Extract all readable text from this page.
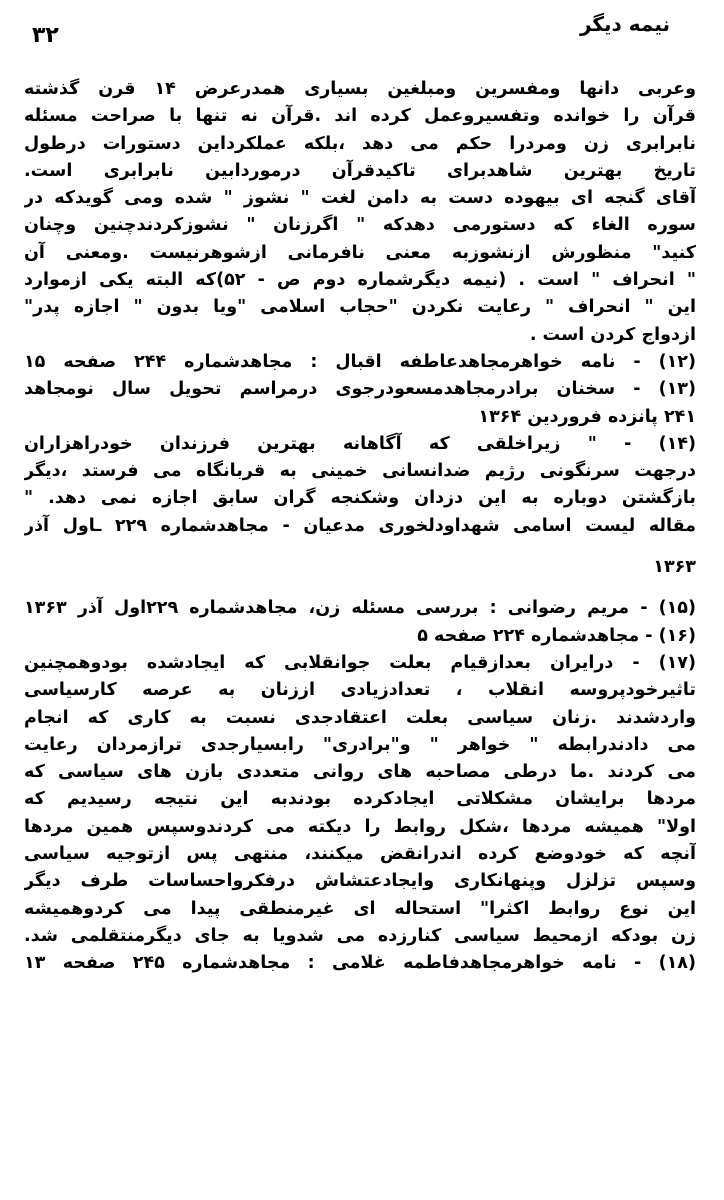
نیمه دیگر
۳۲
وعربی دانها ومفسرین ومبلغین بسیاری همدرعرض ۱۴ قرن گذشته
قرآن را خوانده وتفسیروعمل کرده اند .قرآن نه تنها با صراحت مسئله
نابرابری زن ومردرا حکم می دهد ،بلکه عملکرداین دستورات درطول
تاریخ بهترین شاهدبرای تاکیدقرآن درموردابین نابرابری است.
آقای گنجه ای بیهوده دست به دامن لغت " نشوز " شده ومی گویدکه در
سوره الغاء که دستورمی دهدکه " اگرزنان " نشوزکردندچنین وچنان
کنید" منظورش ازنشوزبه معنی نافرمانی ازشوهرنیست .ومعنی آن
" انحراف " است . (نیمه دیگرشماره دوم ص - ۵۲)که البته یکی ازموارد
این " انحراف " رعایت نکردن "حجاب اسلامی "ویا بدون " اجازه پدر"
ازدواج کردن است .
(۱۲) - نامه خواهرمجاهدعاطفه اقبال : مجاهدشماره ۲۴۴ صفحه ۱۵
(۱۳) - سخنان برادرمجاهدمسعودرجوی درمراسم تحویل سال نومجاهد
۲۴۱ پانزده فروردین ۱۳۶۴
(۱۴) - " زیراخلقی که آگاهانه بهترین فرزندان خودراهزاران
درجهت سرنگونی رژیم ضدانسانی خمینی به قربانگاه می فرستد ،دیگر
بازگشتن دوباره به این دزدان وشکنجه گران سابق اجازه نمی دهد. "
مقاله لیست اسامی شهداودلخوری مدعیان - مجاهدشماره ۲۲۹ ـاول آذر
۱۳۶۳
(۱۵) - مریم رضوانی : بررسی مسئله زن، مجاهدشماره ۲۲۹اول آذر ۱۳۶۳
(۱۶) - مجاهدشماره ۲۲۴ صفحه ۵
(۱۷) - درایران بعدازقیام بعلت جوانقلابی که ایجادشده بودوهمچنین
تاثیرخودپروسه انقلاب ، تعدادزیادی اززنان به عرصه کارسیاسی
واردشدند .زنان سیاسی بعلت اعتقادجدی نسبت به کاری که انجام
می دادندرابطه " خواهر " و"برادری" رابسیارجدی ترازمردان رعایت
می کردند .ما درطی مصاحبه های روانی متعددی بازن های سیاسی که
مردها برایشان مشکلاتی ایجادکرده بودندبه این نتیجه رسیدیم که
اولا" همیشه مردها ،شکل روابط را دیکته می کردندوسپس همین مردها
آنچه که خودوضع کرده اندرانقض میکنند، منتهی پس ازتوجیه سیاسی
وسپس تزلزل وپنهانکاری وایجادعتشاش درفکرواحساسات طرف دیگر
این نوع روابط اکثرا" استحاله ای غیرمنطقی پیدا می کردوهمیشه
زن بودکه ازمحیط سیاسی کنارزده می شدویا به جای دیگرمنتقلمی شد.
(۱۸) - نامه خواهرمجاهدفاطمه غلامی : مجاهدشماره ۲۴۵ صفحه ۱۳
